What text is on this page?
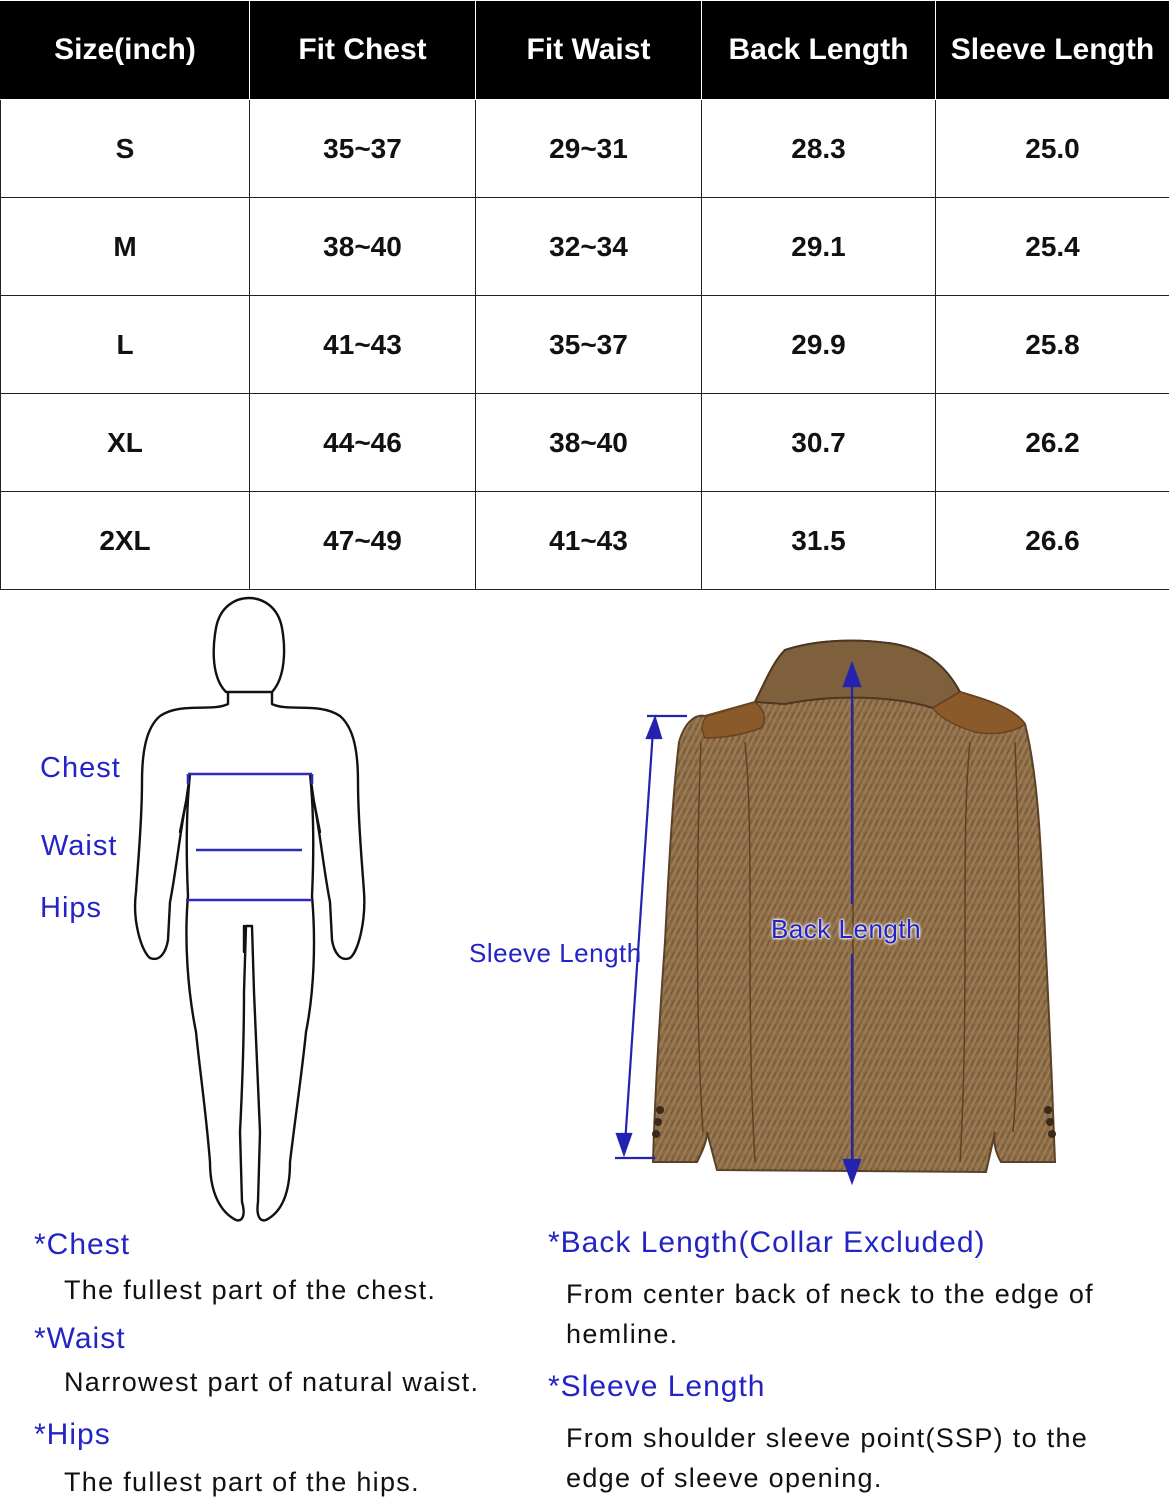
Size(inch)	Fit Chest	Fit Waist	Back Length	Sleeve Length
S	35~37	29~31	28.3	25.0
M	38~40	32~34	29.1	25.4
L	41~43	35~37	29.9	25.8
XL	44~46	38~40	30.7	26.2
2XL	47~49	41~43	31.5	26.6
Chest
Waist
Hips
Sleeve Length
Back Length
*Chest
The fullest part of the chest.
*Waist
Narrowest part of natural waist.
*Hips
The fullest part of the hips.
*Back Length(Collar Excluded)
From center back of neck to the edge of hemline.
*Sleeve Length
From shoulder sleeve point(SSP) to the edge of sleeve opening.
